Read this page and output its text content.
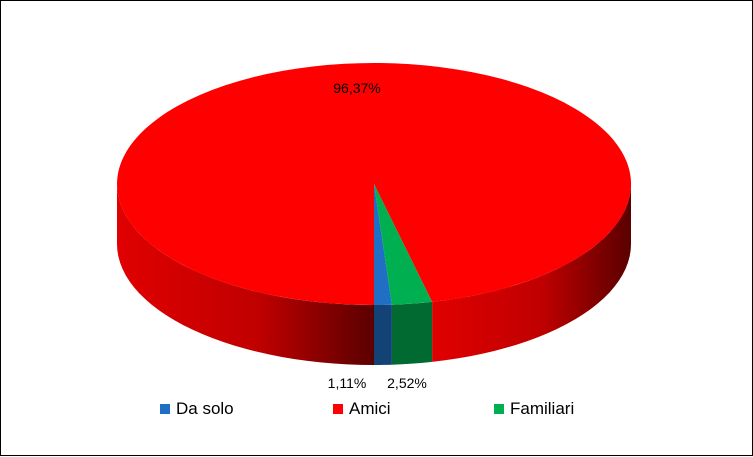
1,11%
96,37%
2,52%
Da solo	Amici	Familiari
